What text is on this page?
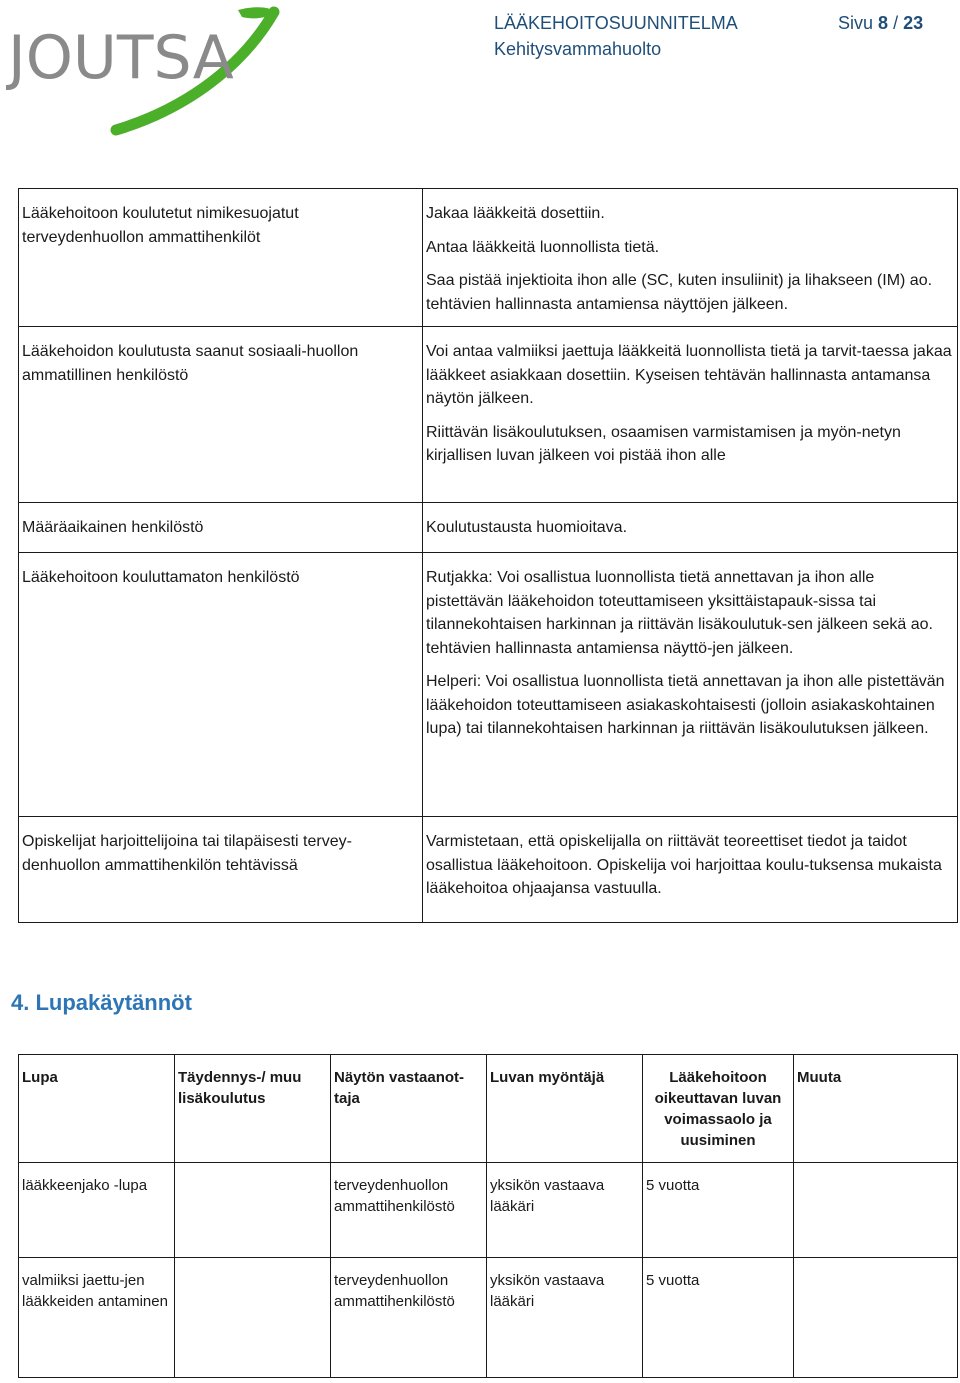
JOUTSA	LÄÄKEHOITOSUUNNITELMA
Kehitysvammahuolto
Sivu 8 / 23

Lääkehoitoon koulutetut nimikesuojatut terveydenhuollon ammattihenkilöt	Jakaa lääkkeitä dosettiin.

Antaa lääkkeitä luonnollista tietä.

Saa pistää injektioita ihon alle (SC, kuten insuliinit) ja lihakseen (IM) ao. tehtävien hallinnasta antamiensa näyttöjen jälkeen.

Lääkehoidon koulutusta saanut sosiaali-huollon ammatillinen henkilöstö	Voi antaa valmiiksi jaettuja lääkkeitä luonnollista tietä ja tarvit-taessa jakaa lääkkeet asiakkaan dosettiin. Kyseisen tehtävän hallinnasta antamansa näytön jälkeen.

Riittävän lisäkoulutuksen, osaamisen varmistamisen ja myön-netyn kirjallisen luvan jälkeen voi pistää ihon alle

Määräaikainen henkilöstö	Koulutustausta huomioitava.

Lääkehoitoon kouluttamaton henkilöstö	Rutjakka: Voi osallistua luonnollista tietä annettavan ja ihon alle pistettävän lääkehoidon toteuttamiseen yksittäistapauk-sissa tai tilannekohtaisen harkinnan ja riittävän lisäkoulutuk-sen jälkeen sekä ao. tehtävien hallinnasta antamiensa näyttö-jen jälkeen.

Helperi: Voi osallistua luonnollista tietä annettavan ja ihon alle pistettävän lääkehoidon toteuttamiseen asiakaskohtaisesti (jolloin asiakaskohtainen lupa) tai tilannekohtaisen harkinnan ja riittävän lisäkoulutuksen jälkeen.

Opiskelijat harjoittelijoina tai tilapäisesti tervey-denhuollon ammattihenkilön tehtävissä	Varmistetaan, että opiskelijalla on riittävät teoreettiset tiedot ja taidot osallistua lääkehoitoon. Opiskelija voi harjoittaa koulu-tuksensa mukaista lääkehoitoa ohjaajansa vastuulla.

4. Lupakäytännöt
Lupa	Täydennys-/ muu lisäkoulutus	Näytön vastaanot-taja	Luvan myöntäjä	Lääkehoitoon oikeuttavan luvan voimassaolo ja uusiminen	Muuta
lääkkeenjako -lupa		terveydenhuollon ammattihenkilöstö	yksikön vastaava lääkäri	5 vuotta	
valmiiksi jaettu-jen lääkkeiden antaminen		terveydenhuollon ammattihenkilöstö	yksikön vastaava lääkäri	5 vuotta	
